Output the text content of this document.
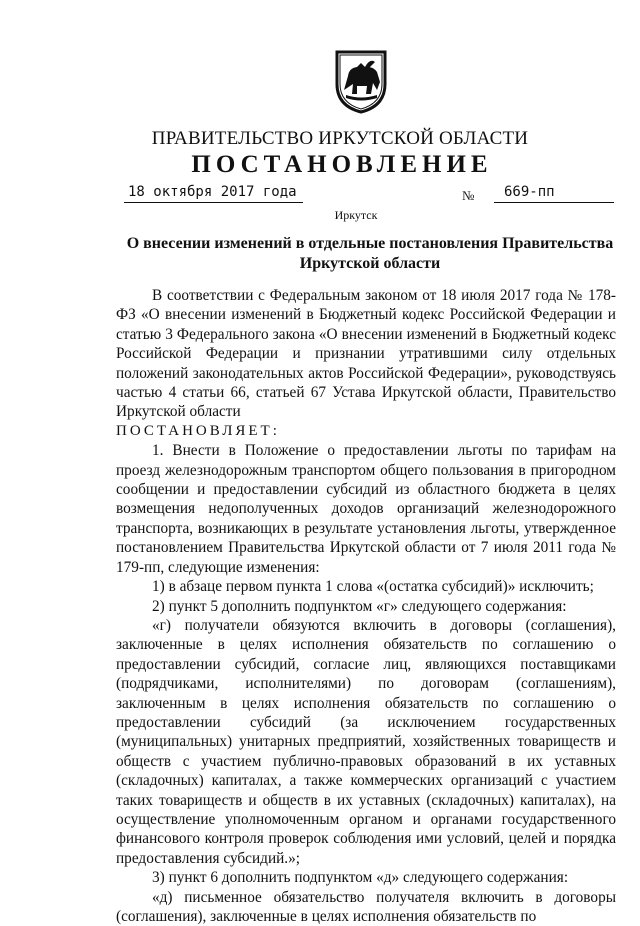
ПРАВИТЕЛЬСТВО ИРКУТСКОЙ ОБЛАСТИ
ПОСТАНОВЛЕНИЕ
18 октября 2017 года	№	669-пп
Иркутск
О внесении изменений в отдельные постановления Правительства Иркутской области

В соответствии с Федеральным законом от 18 июля 2017 года № 178-ФЗ «О внесении изменений в Бюджетный кодекс Российской Федерации и статью 3 Федерального закона «О внесении изменений в Бюджетный кодекс Российской Федерации и признании утратившими силу отдельных положений законодательных актов Российской Федерации», руководствуясь частью 4 статьи 66, статьей 67 Устава Иркутской области, Правительство Иркутской области

ПОСТАНОВЛЯЕТ:

1. Внести в Положение о предоставлении льготы по тарифам на проезд железнодорожным транспортом общего пользования в пригородном сообщении и предоставлении субсидий из областного бюджета в целях возмещения недополученных доходов организаций железнодорожного транспорта, возникающих в результате установления льготы, утвержденное постановлением Правительства Иркутской области от 7 июля 2011 года № 179-пп, следующие изменения:

1) в абзаце первом пункта 1 слова «(остатка субсидий)» исключить;

2) пункт 5 дополнить подпунктом «г» следующего содержания:

«г) получатели обязуются включить в договоры (соглашения), заключенные в целях исполнения обязательств по соглашению о предоставлении субсидий, согласие лиц, являющихся поставщиками (подрядчиками, исполнителями) по договорам (соглашениям), заключенным в целях исполнения обязательств по соглашению о предоставлении субсидий (за исключением государственных (муниципальных) унитарных предприятий, хозяйственных товариществ и обществ с участием публично-правовых образований в их уставных (складочных) капиталах, а также коммерческих организаций с участием таких товариществ и обществ в их уставных (складочных) капиталах), на осуществление уполномоченным органом и органами государственного финансового контроля проверок соблюдения ими условий, целей и порядка предоставления субсидий.»;

3) пункт 6 дополнить подпунктом «д» следующего содержания:

«д) письменное обязательство получателя включить в договоры (соглашения), заключенные в целях исполнения обязательств по
